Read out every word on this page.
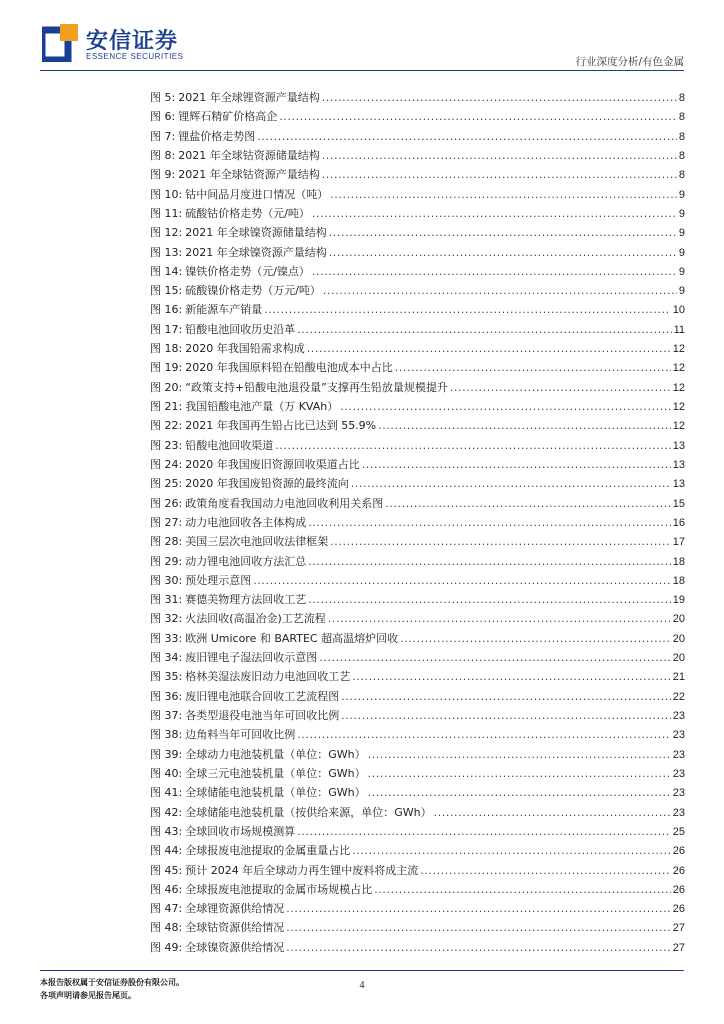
安信证券
ESSENCE SECURITIES	行业深度分析/有色金属
图 5: 2021 年全球锂资源产量结构 .....	8
图 6: 锂辉石精矿价格高企 .....	8
图 7: 锂盐价格走势图 .....	8
图 8: 2021 年全球钴资源储量结构 .....	8
图 9: 2021 年全球钴资源产量结构 .....	8
图 10: 钴中间品月度进口情况（吨） .....	9
图 11: 硫酸钴价格走势（元/吨） .....	9
图 12: 2021 年全球镍资源储量结构 .....	9
图 13: 2021 年全球镍资源产量结构 .....	9
图 14: 镍铁价格走势（元/镍点） .....	9
图 15: 硫酸镍价格走势（万元/吨） .....	9
图 16: 新能源车产销量 .....	10
图 17: 铅酸电池回收历史沿革 .....	11
图 18: 2020 年我国铅需求构成 .....	12
图 19: 2020 年我国原料铅在铅酸电池成本中占比 .....	12
图 20: “政策支持+铅酸电池退役量”支撑再生铅放量规模提升 .....	12
图 21: 我国铅酸电池产量（万 KVAh） .....	12
图 22: 2021 年我国再生铅占比已达到 55.9% .....	12
图 23: 铅酸电池回收渠道 .....	13
图 24: 2020 年我国废旧资源回收渠道占比 .....	13
图 25: 2020 年我国废铅资源的最终流向 .....	13
图 26: 政策角度看我国动力电池回收利用关系图 .....	15
图 27: 动力电池回收各主体构成 .....	16
图 28: 美国三层次电池回收法律框架 .....	17
图 29: 动力锂电池回收方法汇总 .....	18
图 30: 预处理示意图 .....	18
图 31: 赛德美物理方法回收工艺 .....	19
图 32: 火法回收(高温冶金)工艺流程 .....	20
图 33: 欧洲 Umicore 和 BARTEC 超高温熔炉回收 .....	20
图 34: 废旧锂电子湿法回收示意图 .....	20
图 35: 格林美湿法废旧动力电池回收工艺 .....	21
图 36: 废旧锂电池联合回收工艺流程图 .....	22
图 37: 各类型退役电池当年可回收比例 .....	23
图 38: 边角料当年可回收比例 .....	23
图 39: 全球动力电池装机量（单位：GWh） .....	23
图 40: 全球三元电池装机量（单位：GWh） .....	23
图 41: 全球储能电池装机量（单位：GWh） .....	23
图 42: 全球储能电池装机量（按供给来源，单位：GWh） .....	23
图 43: 全球回收市场规模测算 .....	25
图 44: 全球报废电池提取的金属重量占比 .....	26
图 45: 预计 2024 年后全球动力再生锂中废料将成主流 .....	26
图 46: 全球报废电池提取的金属市场规模占比 .....	26
图 47: 全球锂资源供给情况 .....	26
图 48: 全球钴资源供给情况 .....	27
图 49: 全球镍资源供给情况 .....	27
本报告版权属于安信证券股份有限公司。
各项声明请参见报告尾页。
4
